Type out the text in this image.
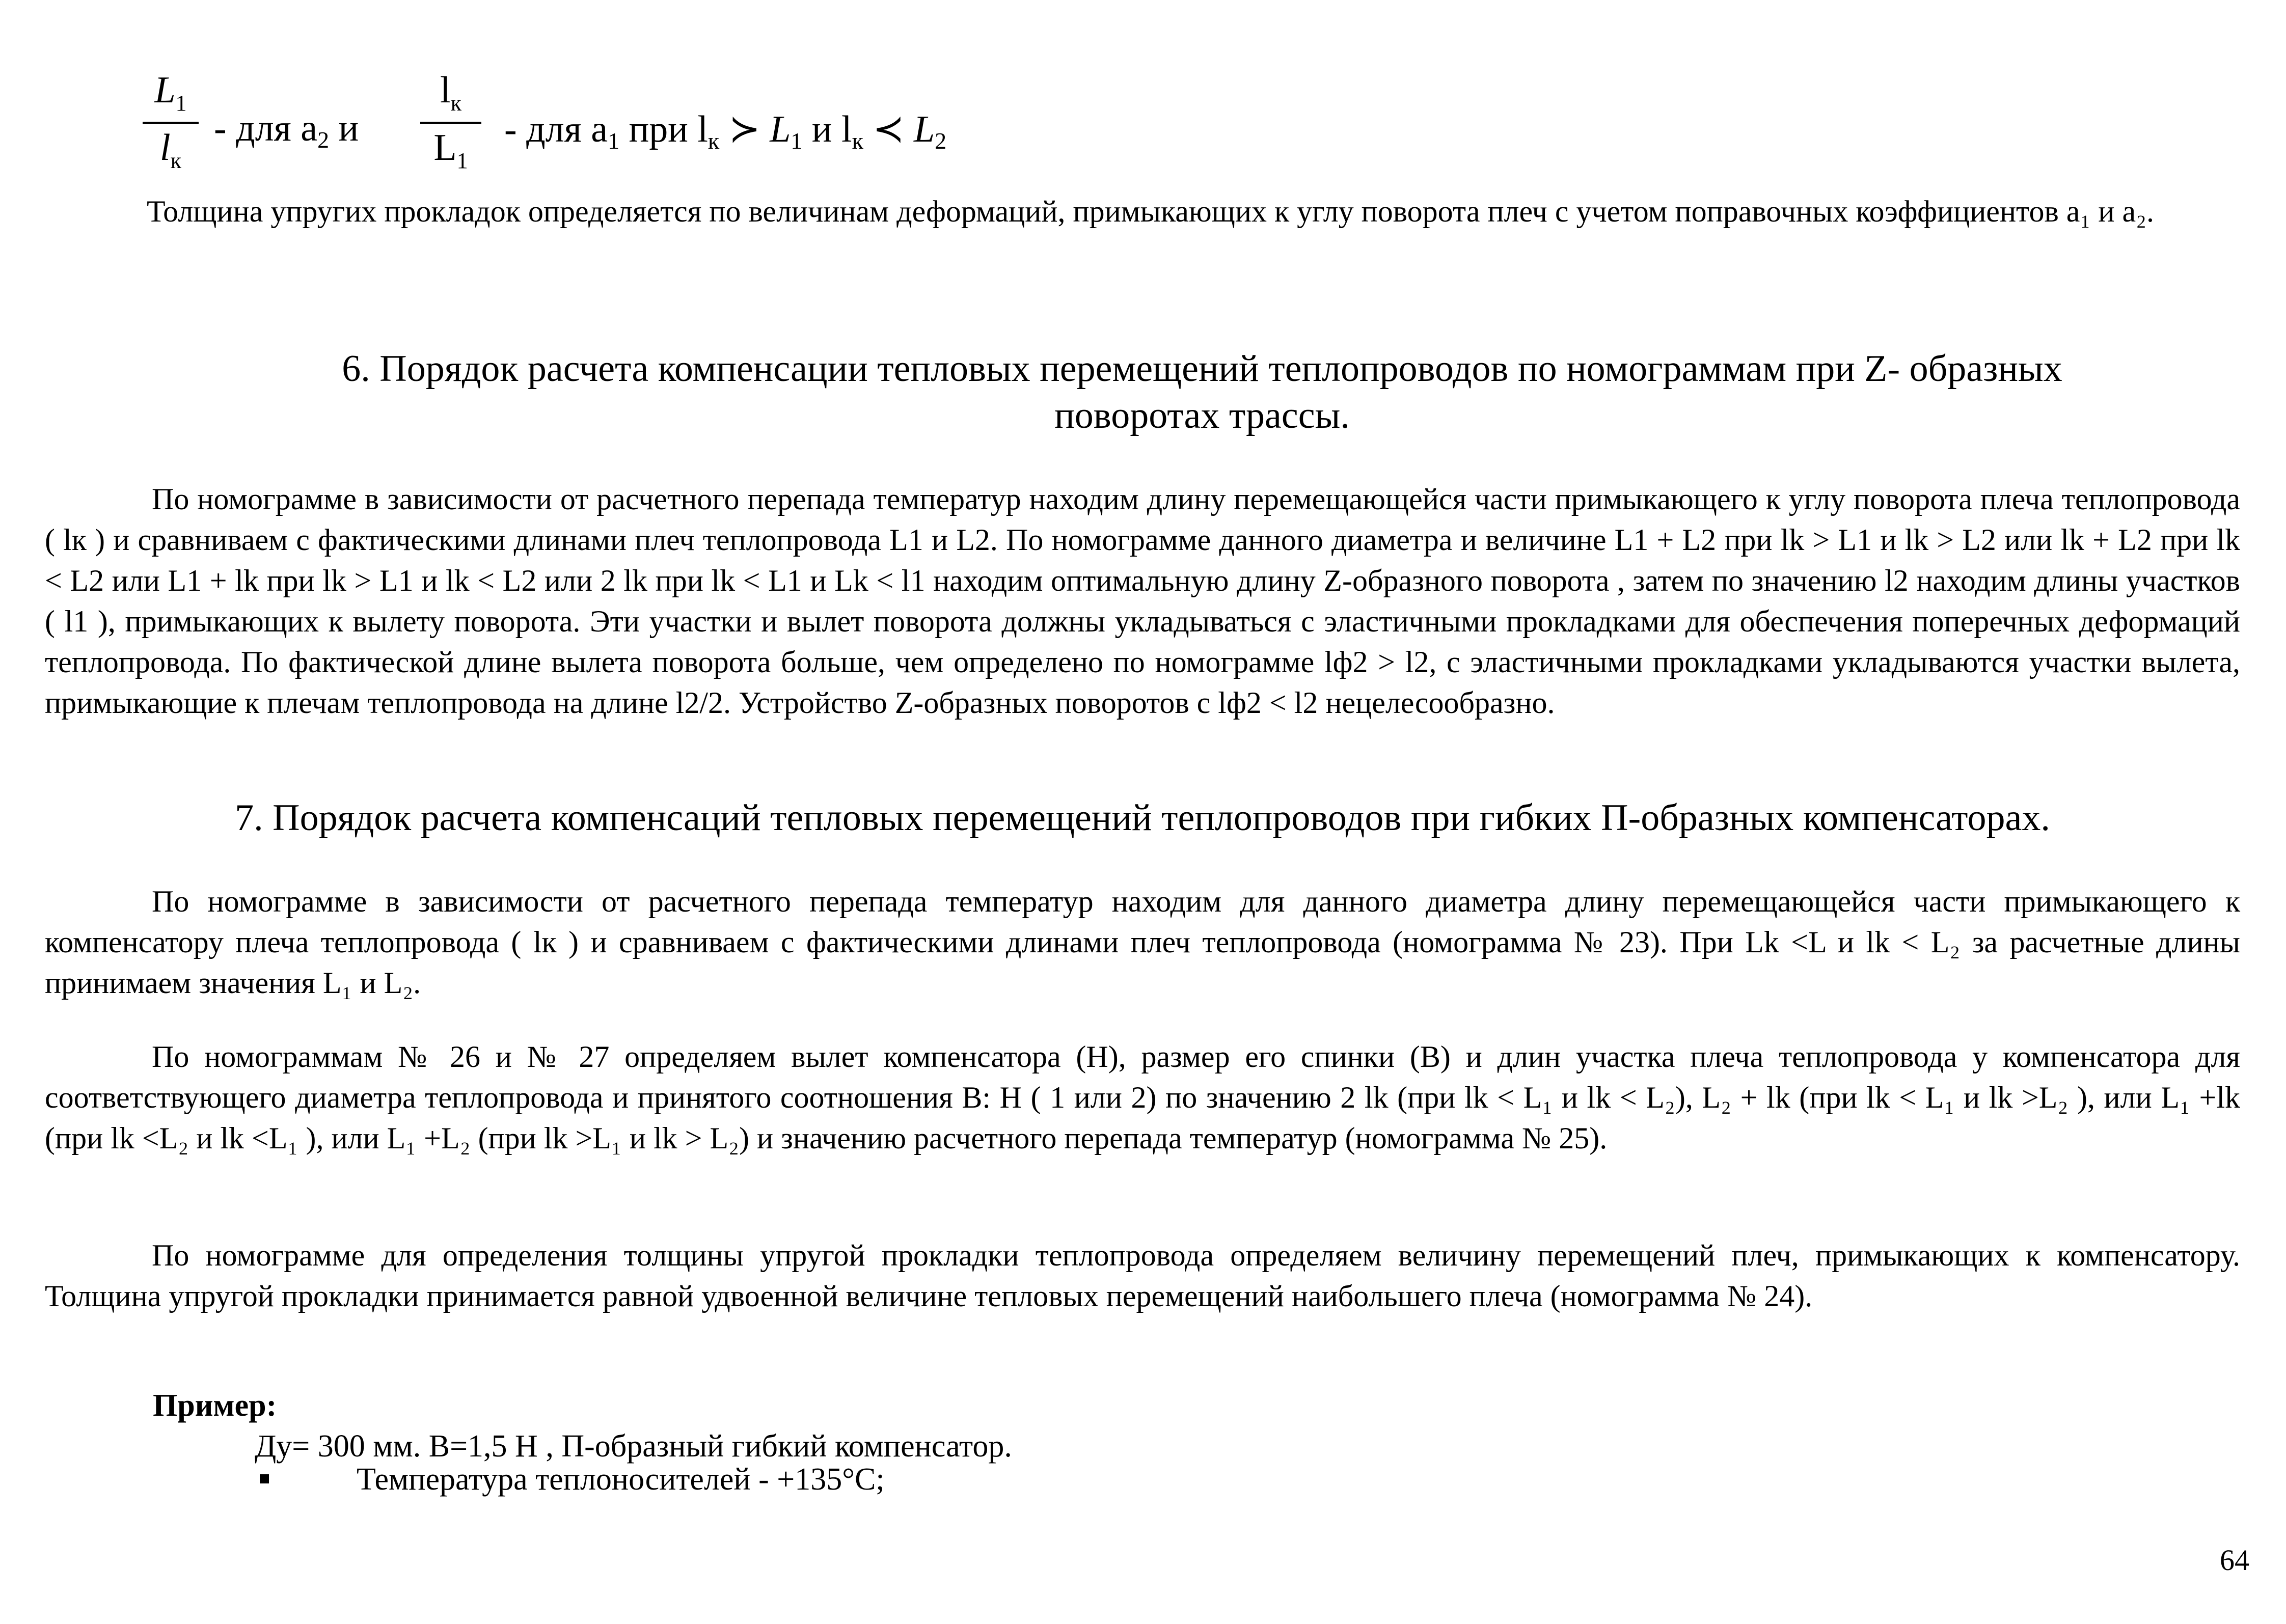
$L_1$
$l_к$
- для $а_2$ и
$l_к$
$L_1$
- для $а_1$ при $l_к$ ≻ $L_1$ и $l_к$ ≺ $L_2$
Толщина упругих прокладок определяется по величинам деформаций, примыкающих к углу поворота плеч с учетом поправочных коэффициентов а₁ и а₂.
6. Порядок расчета компенсации тепловых перемещений теплопроводов по номограммам при Z- образных
поворотах трассы.
По номограмме в зависимости от расчетного перепада температур находим длину перемещающейся части примыкающего к углу поворота плеча теплопровода ( lк ) и сравниваем с фактическими длинами плеч теплопровода L1 и L2. По номограмме данного диаметра и величине L1 + L2 при lk > L1 и lk > L2 или lk + L2 при lk < L2 или L1 + lk при lk > L1 и lk < L2 или 2 lk при lk < L1 и Lk < l1 находим оптимальную длину Z-образного поворота , затем по значению l2 находим длины участков ( l1 ), примыкающих к вылету поворота. Эти участки и вылет поворота должны укладываться с эластичными прокладками для обеспечения поперечных деформаций теплопровода. По фактической длине вылета поворота больше, чем определено по номограмме lф2 > l2, с эластичными прокладками укладываются участки вылета, примыкающие к плечам теплопровода на длине l2/2. Устройство Z-образных поворотов с lф2 < l2 нецелесообразно.
7. Порядок расчета компенсаций тепловых перемещений теплопроводов при гибких П-образных компенсаторах.
По номограмме в зависимости от расчетного перепада температур находим для данного диаметра длину перемещающейся части примыкающего к компенсатору плеча теплопровода ( lк ) и сравниваем с фактическими длинами плеч теплопровода (номограмма № 23). При Lk <L и lk < L₂ за расчетные длины принимаем значения L₁ и L₂.
По номограммам № 26 и № 27 определяем вылет компенсатора (Н), размер его спинки (В) и длин участка плеча теплопровода у компенсатора для соответствующего диаметра теплопровода и принятого соотношения В: Н ( 1 или 2) по значению 2 lk (при lk < L₁ и lk < L₂), L₂ + lk (при lk < L₁ и lk >L₂ ), или L₁ +lk (при lk <L₂ и lk <L₁ ), или L₁ +L₂ (при lk >L₁ и lk > L₂) и значению расчетного перепада температур (номограмма № 25).
По номограмме для определения толщины упругой прокладки теплопровода определяем величину перемещений плеч, примыкающих к компенсатору. Толщина упругой прокладки принимается равной удвоенной величине тепловых перемещений наибольшего плеча (номограмма № 24).
Пример:
Ду= 300 мм. В=1,5 Н , П-образный гибкий компенсатор.
Температура теплоносителей - +135°С;
64
